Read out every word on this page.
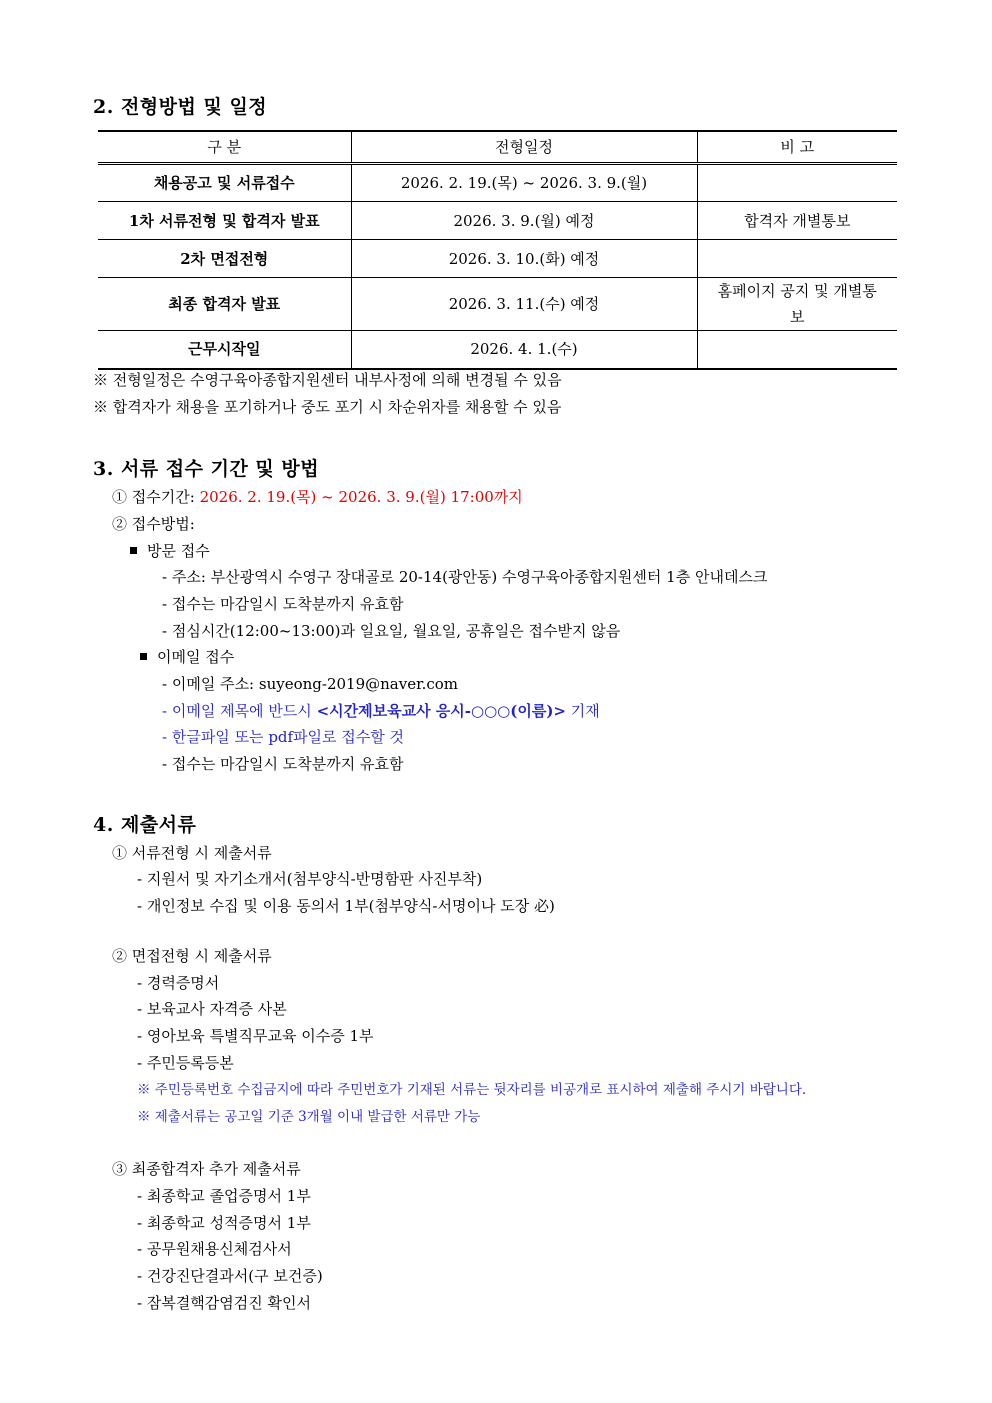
2. 전형방법 및 일정
구 분	전형일정	비 고
채용공고 및 서류접수	2026. 2. 19.(목) ~ 2026. 3. 9.(월)	
1차 서류전형 및 합격자 발표	2026. 3. 9.(월) 예정	합격자 개별통보
2차 면접전형	2026. 3. 10.(화) 예정	
최종 합격자 발표	2026. 3. 11.(수) 예정	홈페이지 공지 및 개별통보
근무시작일	2026. 4. 1.(수)	
※ 전형일정은 수영구육아종합지원센터 내부사정에 의해 변경될 수 있음
※ 합격자가 채용을 포기하거나 중도 포기 시 차순위자를 채용할 수 있음
3. 서류 접수 기간 및 방법
① 접수기간: 2026. 2. 19.(목) ~ 2026. 3. 9.(월) 17:00까지
② 접수방법:
방문 접수
- 주소: 부산광역시 수영구 장대골로 20-14(광안동) 수영구육아종합지원센터 1층 안내데스크
- 접수는 마감일시 도착분까지 유효함
- 점심시간(12:00~13:00)과 일요일, 월요일, 공휴일은 접수받지 않음
이메일 접수
- 이메일 주소: suyeong-2019@naver.com
- 이메일 제목에 반드시 <시간제보육교사 응시-○○○(이름)> 기재
- 한글파일 또는 pdf파일로 접수할 것
- 접수는 마감일시 도착분까지 유효함
4. 제출서류
① 서류전형 시 제출서류
- 지원서 및 자기소개서(첨부양식-반명함판 사진부착)
- 개인정보 수집 및 이용 동의서 1부(첨부양식-서명이나 도장 必)
② 면접전형 시 제출서류
- 경력증명서
- 보육교사 자격증 사본
- 영아보육 특별직무교육 이수증 1부
- 주민등록등본
※ 주민등록번호 수집금지에 따라 주민번호가 기재된 서류는 뒷자리를 비공개로 표시하여 제출해 주시기 바랍니다.
※ 제출서류는 공고일 기준 3개월 이내 발급한 서류만 가능
③ 최종합격자 추가 제출서류
- 최종학교 졸업증명서 1부
- 최종학교 성적증명서 1부
- 공무원채용신체검사서
- 건강진단결과서(구 보건증)
- 잠복결핵감염검진 확인서
